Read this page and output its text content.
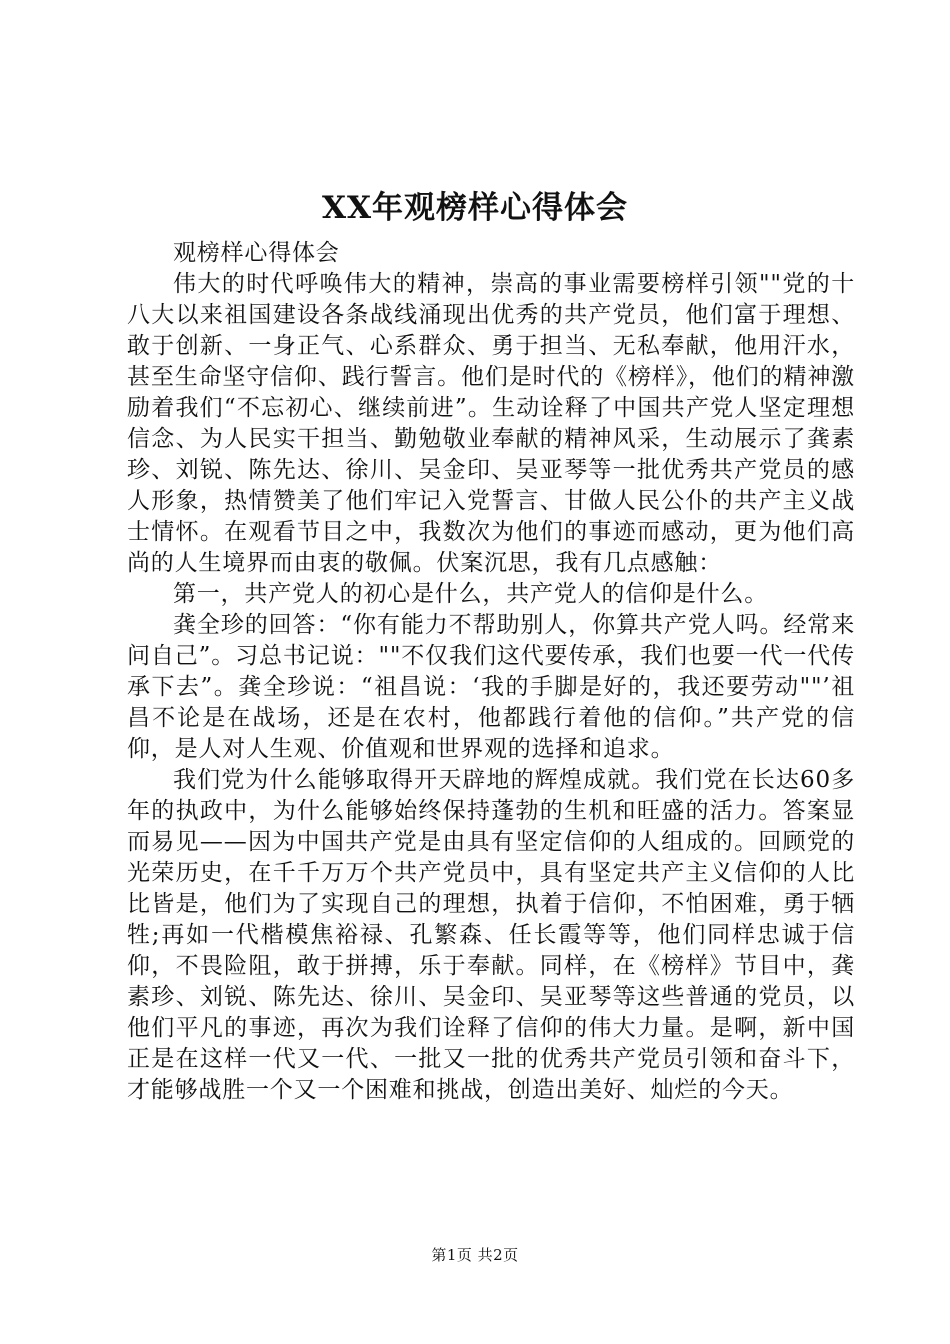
XX年观榜样心得体会

观榜样心得体会

伟大的时代呼唤伟大的精神，崇高的事业需要榜样引领""党的十八大以来祖国建设各条战线涌现出优秀的共产党员，他们富于理想、敢于创新、一身正气、心系群众、勇于担当、无私奉献，他用汗水，甚至生命坚守信仰、践行誓言。他们是时代的《榜样》，他们的精神激励着我们“不忘初心、继续前进”。生动诠释了中国共产党人坚定理想信念、为人民实干担当、勤勉敬业奉献的精神风采，生动展示了龚素珍、刘锐、陈先达、徐川、吴金印、吴亚琴等一批优秀共产党员的感人形象，热情赞美了他们牢记入党誓言、甘做人民公仆的共产主义战士情怀。在观看节目之中，我数次为他们的事迹而感动，更为他们高尚的人生境界而由衷的敬佩。伏案沉思，我有几点感触：

第一，共产党人的初心是什么，共产党人的信仰是什么。

龚全珍的回答：“你有能力不帮助别人，你算共产党人吗。经常来问自己”。习总书记说：""不仅我们这代要传承，我们也要一代一代传承下去”。龚全珍说：“祖昌说：‘我的手脚是好的，我还要劳动""’祖昌不论是在战场，还是在农村，他都践行着他的信仰。”共产党的信仰，是人对人生观、价值观和世界观的选择和追求。

我们党为什么能够取得开天辟地的辉煌成就。我们党在长达60多年的执政中，为什么能够始终保持蓬勃的生机和旺盛的活力。答案显而易见——因为中国共产党是由具有坚定信仰的人组成的。回顾党的光荣历史，在千千万万个共产党员中，具有坚定共产主义信仰的人比比皆是，他们为了实现自己的理想，执着于信仰，不怕困难，勇于牺牲;再如一代楷模焦裕禄、孔繁森、任长霞等等，他们同样忠诚于信仰，不畏险阻，敢于拼搏，乐于奉献。同样，在《榜样》节目中，龚素珍、刘锐、陈先达、徐川、吴金印、吴亚琴等这些普通的党员，以他们平凡的事迹，再次为我们诠释了信仰的伟大力量。是啊，新中国正是在这样一代又一代、一批又一批的优秀共产党员引领和奋斗下，才能够战胜一个又一个困难和挑战，创造出美好、灿烂的今天。

第1页 共2页
